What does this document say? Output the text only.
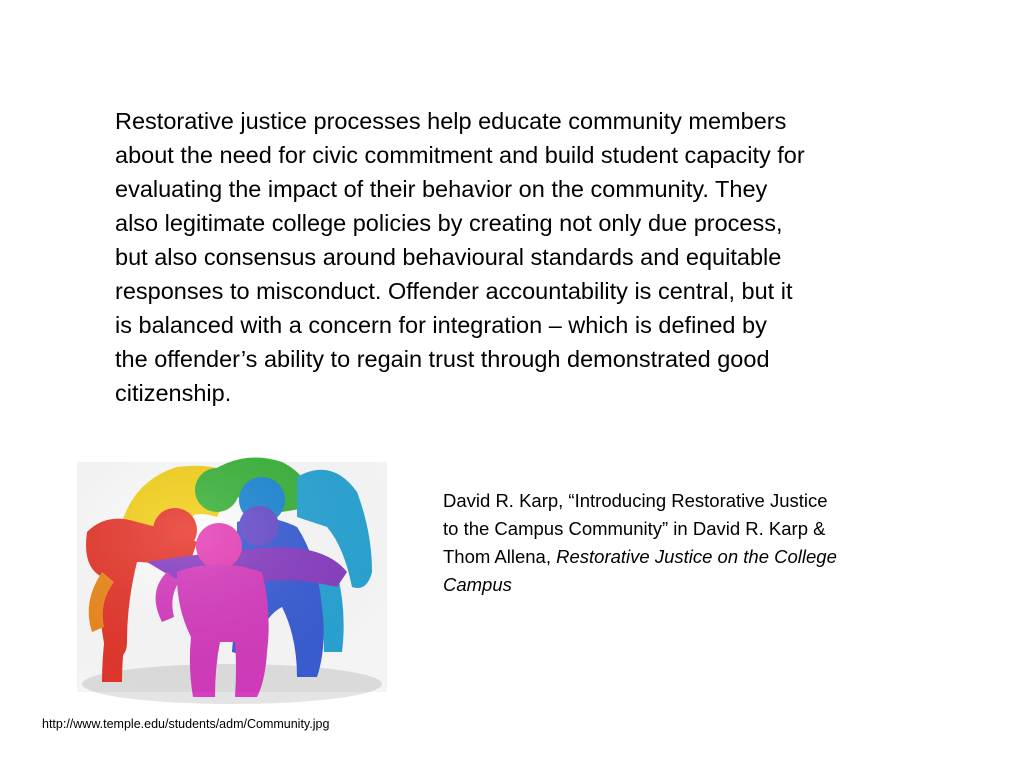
Restorative justice processes help educate community members
about the need for civic commitment and build student capacity for
evaluating the impact of their behavior on the community. They
also legitimate college policies by creating not only due process,
but also consensus around behavioural standards and equitable
responses to misconduct. Offender accountability is central, but it
is balanced with a concern for integration – which is defined by
the offender’s ability to regain trust through demonstrated good
citizenship.
David R. Karp, “Introducing Restorative Justice
to the Campus Community” in David R. Karp &
Thom Allena, Restorative Justice on the College
Campus
http://www.temple.edu/students/adm/Community.jpg
